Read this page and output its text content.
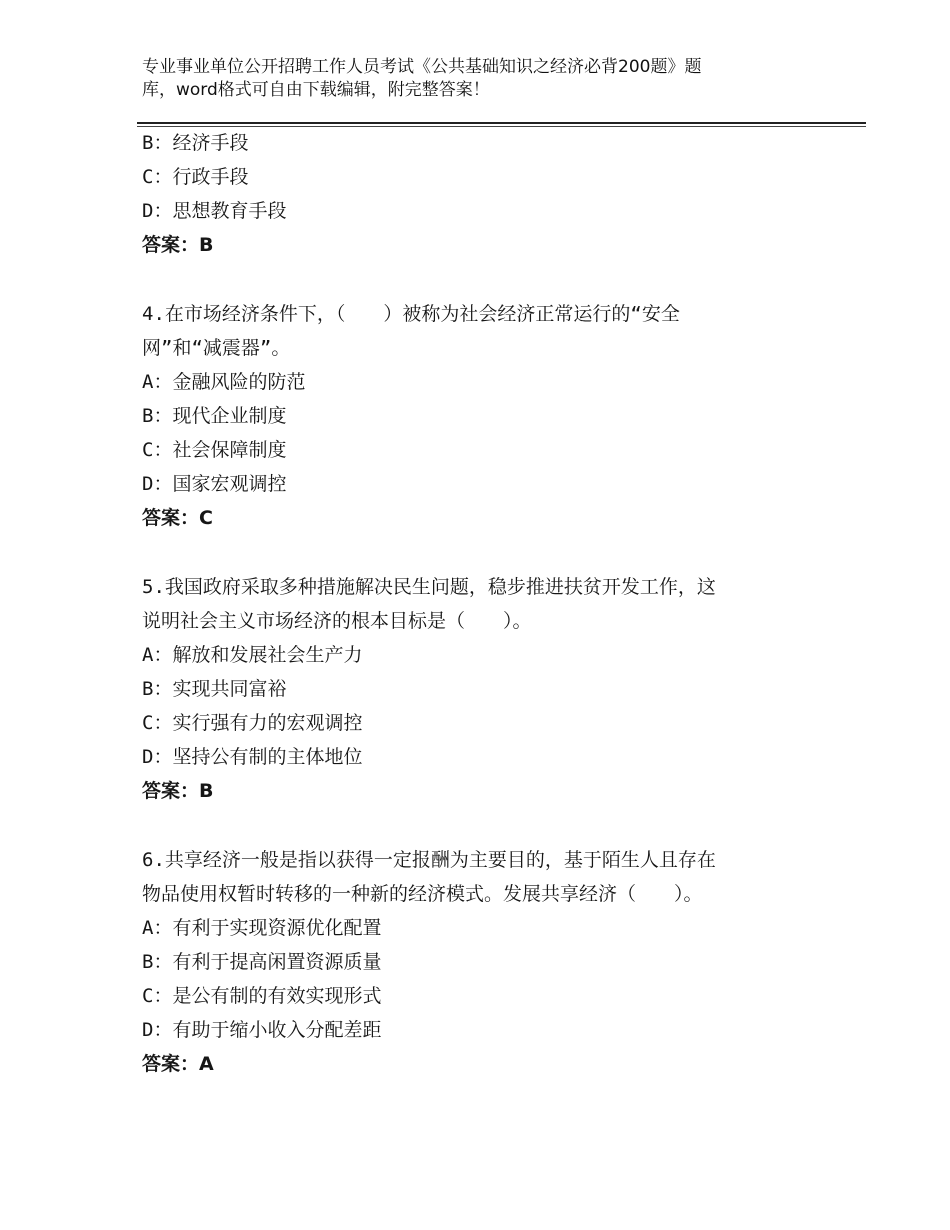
专业事业单位公开招聘工作人员考试《公共基础知识之经济必背200题》题
库，word格式可自由下载编辑，附完整答案！
B：经济手段
C：行政手段
D：思想教育手段
答案：B
4.在市场经济条件下，（　　）被称为社会经济正常运行的“安全
网”和“减震器”。
A：金融风险的防范
B：现代企业制度
C：社会保障制度
D：国家宏观调控
答案：C
5.我国政府采取多种措施解决民生问题，稳步推进扶贫开发工作，这
说明社会主义市场经济的根本目标是（　　）。
A：解放和发展社会生产力
B：实现共同富裕
C：实行强有力的宏观调控
D：坚持公有制的主体地位
答案：B
6.共享经济一般是指以获得一定报酬为主要目的，基于陌生人且存在
物品使用权暂时转移的一种新的经济模式。发展共享经济（　　）。
A：有利于实现资源优化配置
B：有利于提高闲置资源质量
C：是公有制的有效实现形式
D：有助于缩小收入分配差距
答案：A
